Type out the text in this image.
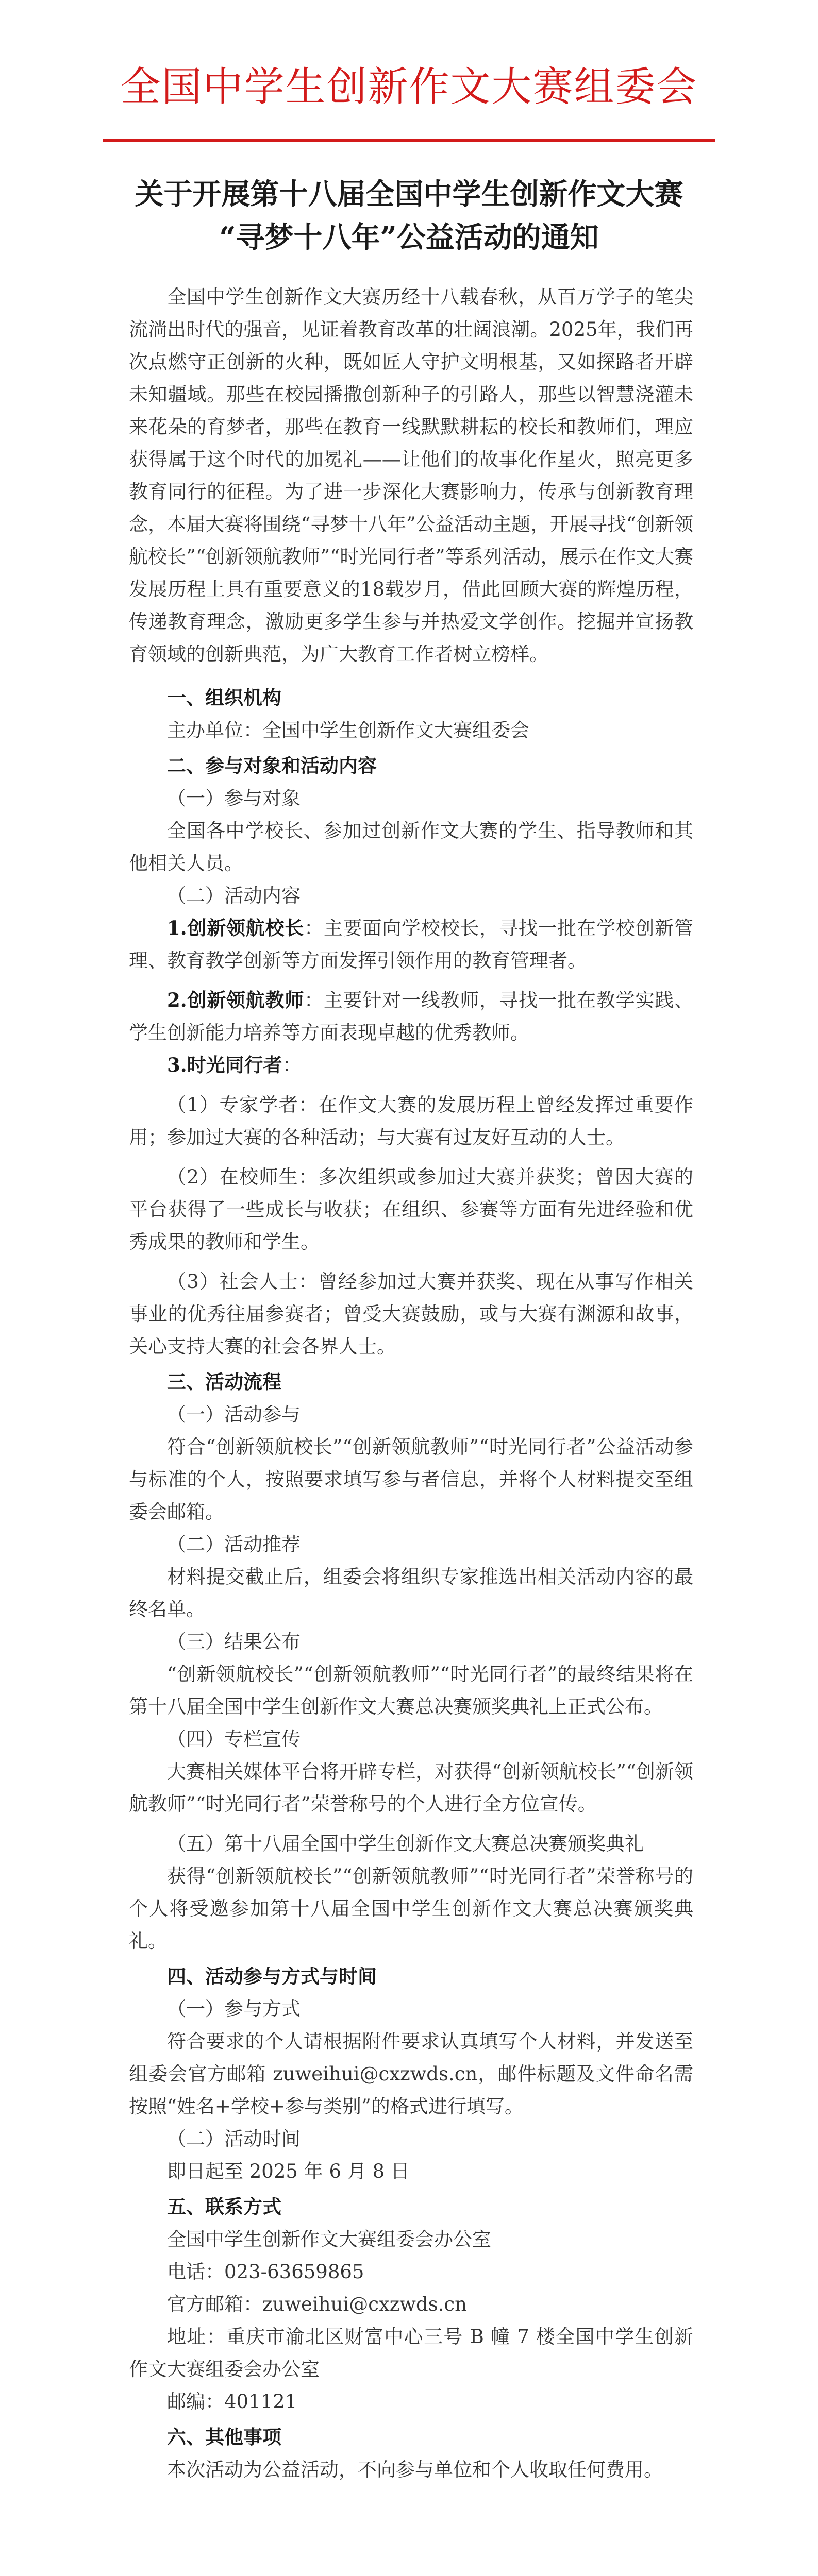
全国中学生创新作文大赛组委会
关于开展第十八届全国中学生创新作文大赛
“寻梦十八年”公益活动的通知

全国中学生创新作文大赛历经十八载春秋，从百万学子的笔尖流淌出时代的强音，见证着教育改革的壮阔浪潮。2025年，我们再次点燃守正创新的火种，既如匠人守护文明根基，又如探路者开辟未知疆域。那些在校园播撒创新种子的引路人，那些以智慧浇灌未来花朵的育梦者，那些在教育一线默默耕耘的校长和教师们，理应获得属于这个时代的加冕礼——让他们的故事化作星火，照亮更多教育同行的征程。为了进一步深化大赛影响力，传承与创新教育理念，本届大赛将围绕“寻梦十八年”公益活动主题，开展寻找“创新领航校长”“创新领航教师”“时光同行者”等系列活动，展示在作文大赛发展历程上具有重要意义的18载岁月，借此回顾大赛的辉煌历程，传递教育理念，激励更多学生参与并热爱文学创作。挖掘并宣扬教育领域的创新典范，为广大教育工作者树立榜样。

一、组织机构

主办单位：全国中学生创新作文大赛组委会

二、参与对象和活动内容

（一）参与对象

全国各中学校长、参加过创新作文大赛的学生、指导教师和其他相关人员。

（二）活动内容

1.创新领航校长：主要面向学校校长，寻找一批在学校创新管理、教育教学创新等方面发挥引领作用的教育管理者。

2.创新领航教师：主要针对一线教师，寻找一批在教学实践、学生创新能力培养等方面表现卓越的优秀教师。

3.时光同行者：

（1）专家学者：在作文大赛的发展历程上曾经发挥过重要作用；参加过大赛的各种活动；与大赛有过友好互动的人士。

（2）在校师生：多次组织或参加过大赛并获奖；曾因大赛的平台获得了一些成长与收获；在组织、参赛等方面有先进经验和优秀成果的教师和学生。

（3）社会人士：曾经参加过大赛并获奖、现在从事写作相关事业的优秀往届参赛者；曾受大赛鼓励，或与大赛有渊源和故事，关心支持大赛的社会各界人士。

三、活动流程

（一）活动参与

符合“创新领航校长”“创新领航教师”“时光同行者”公益活动参与标准的个人，按照要求填写参与者信息，并将个人材料提交至组委会邮箱。

（二）活动推荐

材料提交截止后，组委会将组织专家推选出相关活动内容的最终名单。

（三）结果公布

“创新领航校长”“创新领航教师”“时光同行者”的最终结果将在第十八届全国中学生创新作文大赛总决赛颁奖典礼上正式公布。

（四）专栏宣传

大赛相关媒体平台将开辟专栏，对获得“创新领航校长”“创新领航教师”“时光同行者”荣誉称号的个人进行全方位宣传。

（五）第十八届全国中学生创新作文大赛总决赛颁奖典礼

获得“创新领航校长”“创新领航教师”“时光同行者”荣誉称号的个人将受邀参加第十八届全国中学生创新作文大赛总决赛颁奖典礼。

四、活动参与方式与时间

（一）参与方式

符合要求的个人请根据附件要求认真填写个人材料，并发送至组委会官方邮箱 zuweihui@cxzwds.cn，邮件标题及文件命名需按照“姓名+学校+参与类别”的格式进行填写。

（二）活动时间

即日起至 2025 年 6 月 8 日

五、联系方式

全国中学生创新作文大赛组委会办公室

电话：023-63659865

官方邮箱：zuweihui@cxzwds.cn

地址：重庆市渝北区财富中心三号 B 幢 7 楼全国中学生创新作文大赛组委会办公室

邮编：401121

六、其他事项

本次活动为公益活动，不向参与单位和个人收取任何费用。
